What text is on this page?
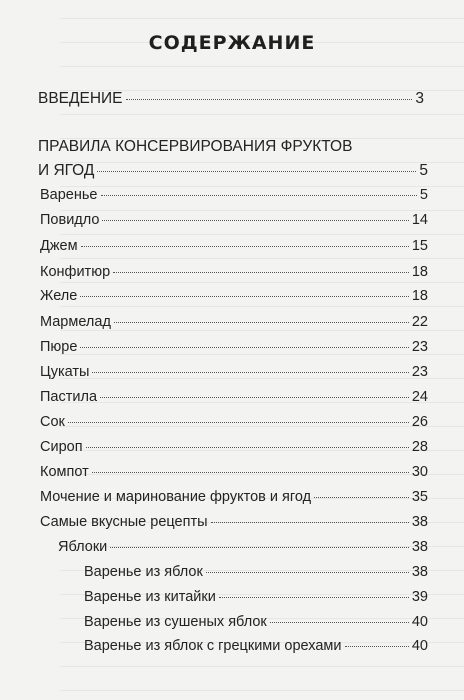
СОДЕРЖАНИЕ
ВВЕДЕНИЕ	3
ПРАВИЛА КОНСЕРВИРОВАНИЯ ФРУКТОВ
И ЯГОД	5
Варенье	5
Повидло	14
Джем	15
Конфитюр	18
Желе	18
Мармелад	22
Пюре	23
Цукаты	23
Пастила	24
Сок	26
Сироп	28
Компот	30
Мочение и маринование фруктов и ягод	35
Самые вкусные рецепты	38
Яблоки	38
Варенье из яблок	38
Варенье из китайки	39
Варенье из сушеных яблок	40
Варенье из яблок с грецкими орехами	40
